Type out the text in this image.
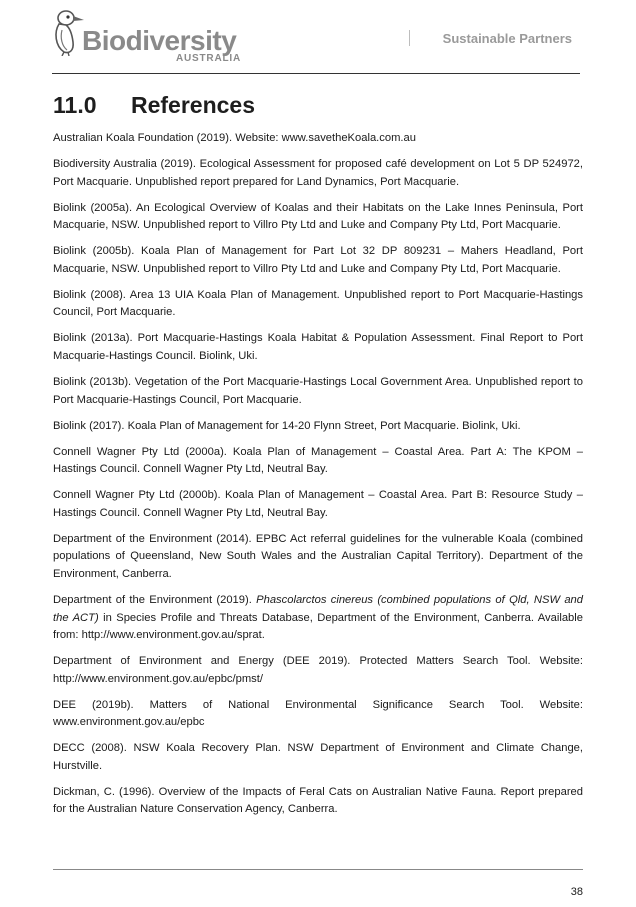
Biodiversity
AUSTRALIA
Sustainable Partners
11.0 References
Australian Koala Foundation (2019). Website: www.savetheKoala.com.au
Biodiversity Australia (2019). Ecological Assessment for proposed café development on Lot 5 DP 524972, Port Macquarie. Unpublished report prepared for Land Dynamics, Port Macquarie.
Biolink (2005a). An Ecological Overview of Koalas and their Habitats on the Lake Innes Peninsula, Port Macquarie, NSW. Unpublished report to Villro Pty Ltd and Luke and Company Pty Ltd, Port Macquarie.
Biolink (2005b). Koala Plan of Management for Part Lot 32 DP 809231 – Mahers Headland, Port Macquarie, NSW. Unpublished report to Villro Pty Ltd and Luke and Company Pty Ltd, Port Macquarie.
Biolink (2008). Area 13 UIA Koala Plan of Management. Unpublished report to Port Macquarie-Hastings Council, Port Macquarie.
Biolink (2013a). Port Macquarie-Hastings Koala Habitat & Population Assessment. Final Report to Port Macquarie-Hastings Council. Biolink, Uki.
Biolink (2013b). Vegetation of the Port Macquarie-Hastings Local Government Area. Unpublished report to Port Macquarie-Hastings Council, Port Macquarie.
Biolink (2017). Koala Plan of Management for 14-20 Flynn Street, Port Macquarie. Biolink, Uki.
Connell Wagner Pty Ltd (2000a). Koala Plan of Management – Coastal Area. Part A: The KPOM – Hastings Council. Connell Wagner Pty Ltd, Neutral Bay.
Connell Wagner Pty Ltd (2000b). Koala Plan of Management – Coastal Area. Part B: Resource Study – Hastings Council. Connell Wagner Pty Ltd, Neutral Bay.
Department of the Environment (2014). EPBC Act referral guidelines for the vulnerable Koala (combined populations of Queensland, New South Wales and the Australian Capital Territory). Department of the Environment, Canberra.
Department of the Environment (2019). Phascolarctos cinereus (combined populations of Qld, NSW and the ACT) in Species Profile and Threats Database, Department of the Environment, Canberra. Available from: http://www.environment.gov.au/sprat.
Department of Environment and Energy (DEE 2019). Protected Matters Search Tool. Website: http://www.environment.gov.au/epbc/pmst/
DEE (2019b). Matters of National Environmental Significance Search Tool. Website: www.environment.gov.au/epbc
DECC (2008). NSW Koala Recovery Plan. NSW Department of Environment and Climate Change, Hurstville.
Dickman, C. (1996). Overview of the Impacts of Feral Cats on Australian Native Fauna. Report prepared for the Australian Nature Conservation Agency, Canberra.
38
